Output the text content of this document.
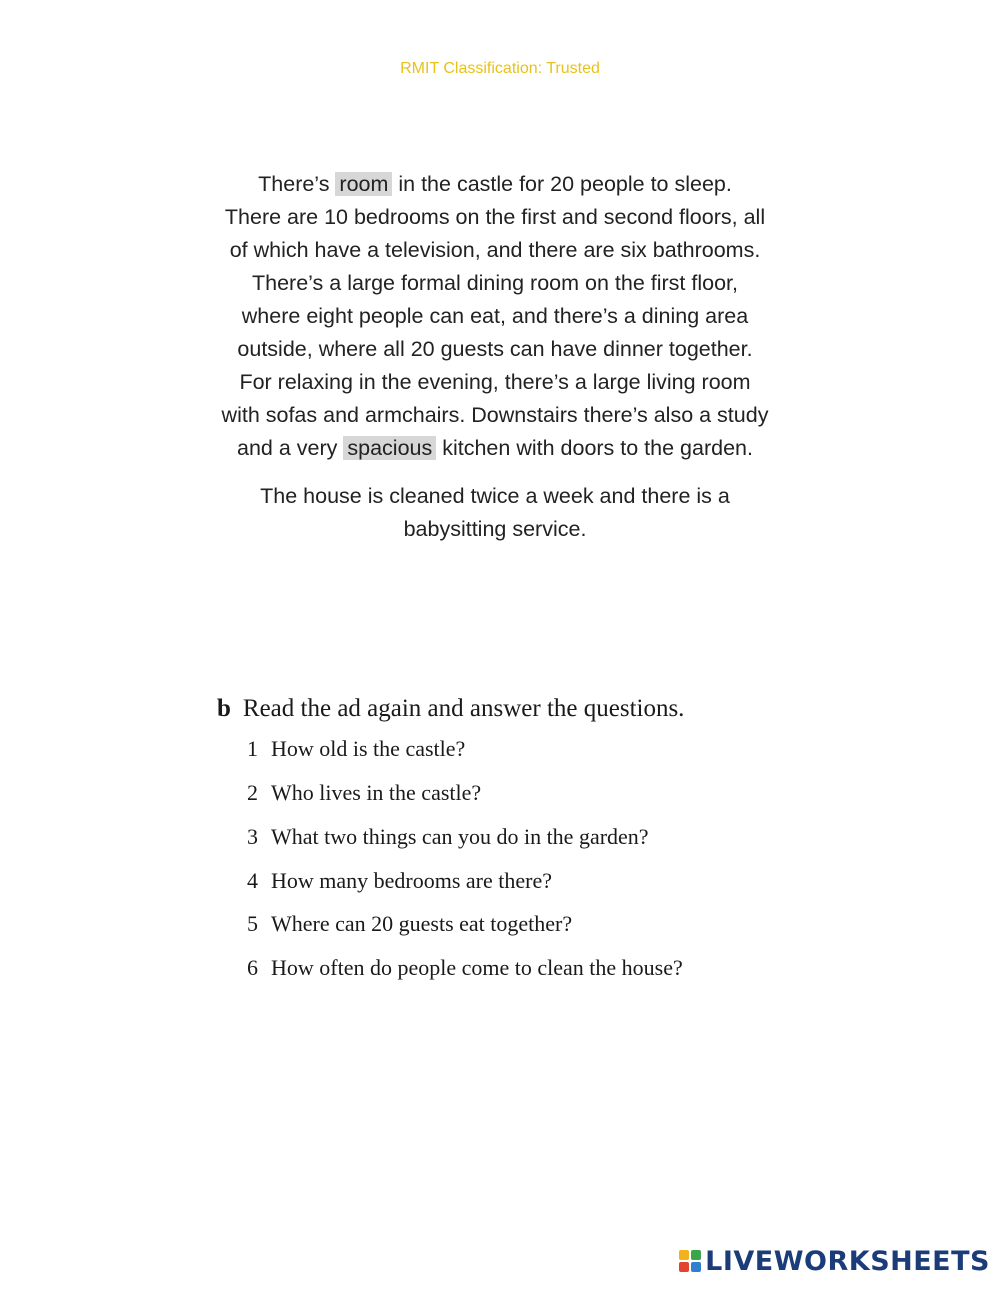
RMIT Classification: Trusted
There’s room in the castle for 20 people to sleep.
There are 10 bedrooms on the first and second floors, all
of which have a television, and there are six bathrooms.
There’s a large formal dining room on the first floor,
where eight people can eat, and there’s a dining area
outside, where all 20 guests can have dinner together.
For relaxing in the evening, there’s a large living room
with sofas and armchairs. Downstairs there’s also a study
and a very spacious kitchen with doors to the garden.
The house is cleaned twice a week and there is a
babysitting service.
b Read the ad again and answer the questions.
1 How old is the castle?
2 Who lives in the castle?
3 What two things can you do in the garden?
4 How many bedrooms are there?
5 Where can 20 guests eat together?
6 How often do people come to clean the house?
LIVEWORKSHEETS
